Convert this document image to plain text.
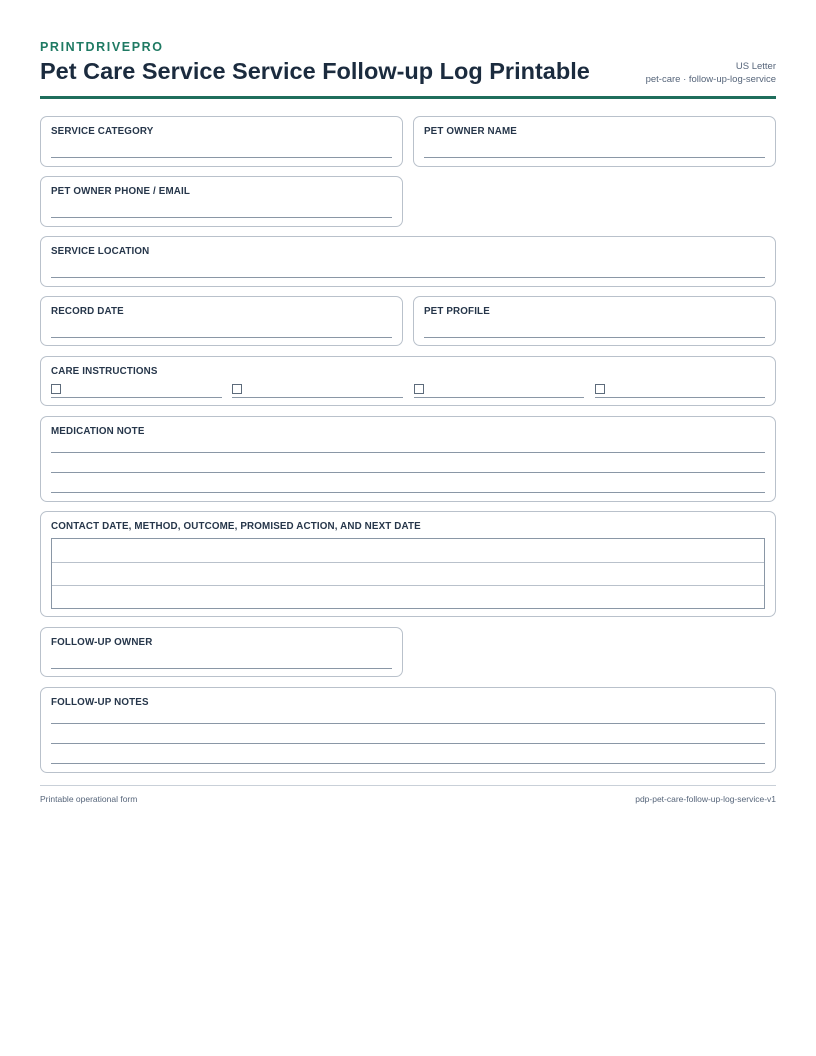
PRINTDRIVEPRO
Pet Care Service Service Follow-up Log Printable	US Letter
pet-care · follow-up-log-service
SERVICE CATEGORY	PET OWNER NAME
PET OWNER PHONE / EMAIL
SERVICE LOCATION
RECORD DATE	PET PROFILE
CARE INSTRUCTIONS
MEDICATION NOTE
CONTACT DATE, METHOD, OUTCOME, PROMISED ACTION, AND NEXT DATE
FOLLOW-UP OWNER
FOLLOW-UP NOTES
Printable operational form	pdp-pet-care-follow-up-log-service-v1
